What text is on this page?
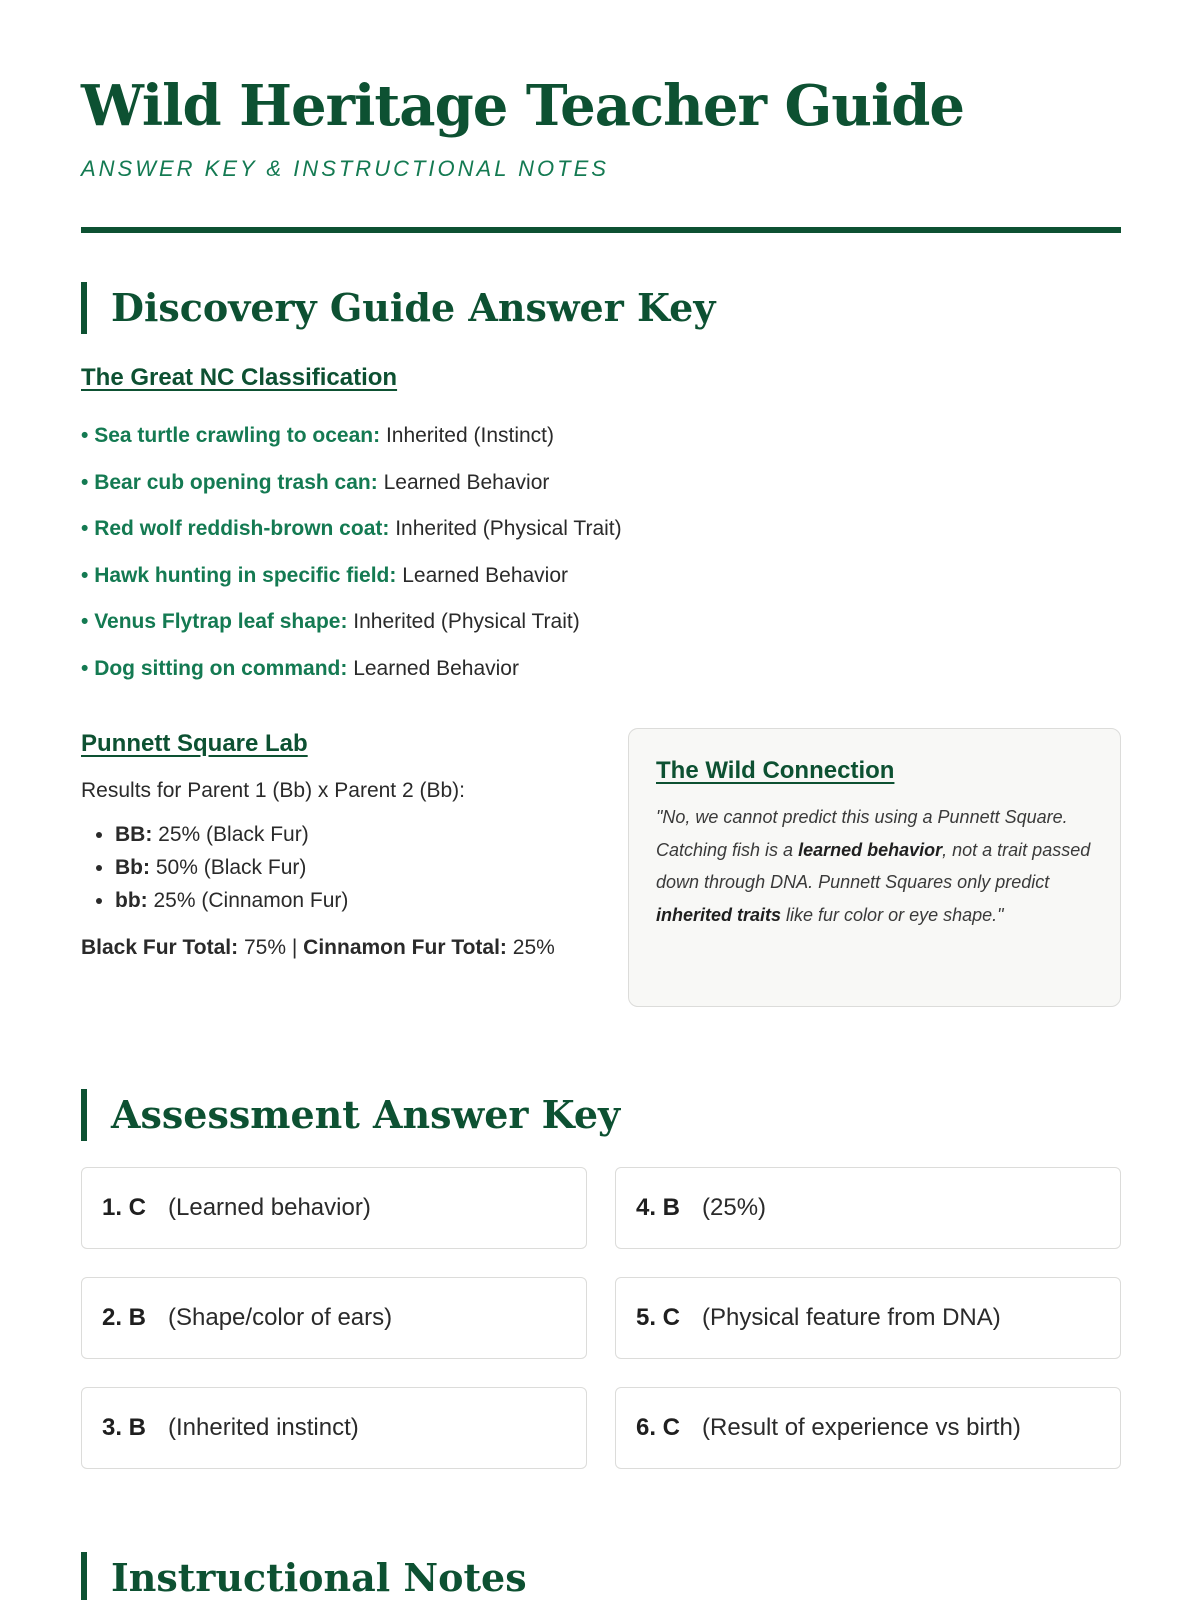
Wild Heritage Teacher Guide
ANSWER KEY & INSTRUCTIONAL NOTES
Discovery Guide Answer Key
The Great NC Classification
• Sea turtle crawling to ocean: Inherited (Instinct)
• Bear cub opening trash can: Learned Behavior
• Red wolf reddish-brown coat: Inherited (Physical Trait)
• Hawk hunting in specific field: Learned Behavior
• Venus Flytrap leaf shape: Inherited (Physical Trait)
• Dog sitting on command: Learned Behavior
Punnett Square Lab

Results for Parent 1 (Bb) x Parent 2 (Bb):

• BB: 25% (Black Fur)
• Bb: 50% (Black Fur)
• bb: 25% (Cinnamon Fur)

Black Fur Total: 75% | Cinnamon Fur Total: 25%

The Wild Connection

"No, we cannot predict this using a Punnett Square. Catching fish is a learned behavior, not a trait passed down through DNA. Punnett Squares only predict inherited traits like fur color or eye shape."

Assessment Answer Key
1. C (Learned behavior)
2. B (Shape/color of ears)
3. B (Inherited instinct)
4. B (25%)
5. C (Physical feature from DNA)
6. C (Result of experience vs birth)
Instructional Notes
